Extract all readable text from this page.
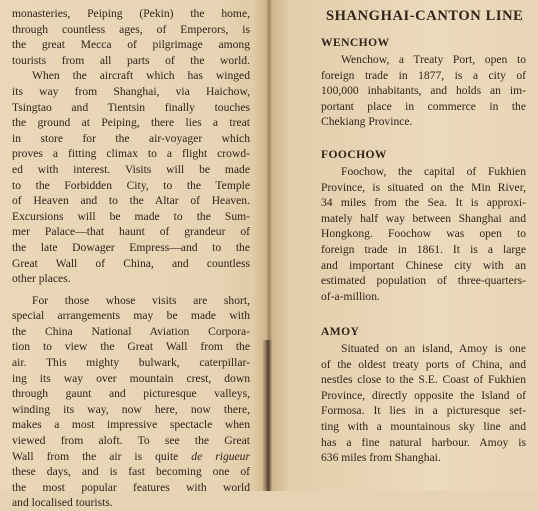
monasteries, Peiping (Pekin) the home,
through countless ages, of Emperors, is
the great Mecca of pilgrimage among
tourists from all parts of the world.
When the aircraft which has winged
its way from Shanghai, via Haichow,
Tsingtao and Tientsin finally touches
the ground at Peiping, there lies a treat
in store for the air-voyager which
proves a fitting climax to a flight crowd-
ed with interest. Visits will be made
to the Forbidden City, to the Temple
of Heaven and to the Altar of Heaven.
Excursions will be made to the Sum-
mer Palace—that haunt of grandeur of
the late Dowager Empress—and to the
Great Wall of China, and countless
other places.

For those whose visits are short,
special arrangements may be made with
the China National Aviation Corpora-
tion to view the Great Wall from the
air. This mighty bulwark, caterpillar-
ing its way over mountain crest, down
through gaunt and picturesque valleys,
winding its way, now here, now there,
makes a most impressive spectacle when
viewed from aloft. To see the Great
Wall from the air is quite de rigueur
these days, and is fast becoming one of
the most popular features with world
and localised tourists.

SHANGHAI-CANTON LINE
WENCHOW

Wenchow, a Treaty Port, open to
foreign trade in 1877, is a city of
100,000 inhabitants, and holds an im-
portant place in commerce in the
Chekiang Province.

FOOCHOW

Foochow, the capital of Fukhien
Province, is situated on the Min River,
34 miles from the Sea. It is approxi-
mately half way between Shanghai and
Hongkong. Foochow was open to
foreign trade in 1861. It is a large
and important Chinese city with an
estimated population of three-quarters-
of-a-million.

AMOY

Situated on an island, Amoy is one
of the oldest treaty ports of China, and
nestles close to the S.E. Coast of Fukhien
Province, directly opposite the Island of
Formosa. It lies in a picturesque set-
ting with a mountainous sky line and
has a fine natural harbour. Amoy is
636 miles from Shanghai.
